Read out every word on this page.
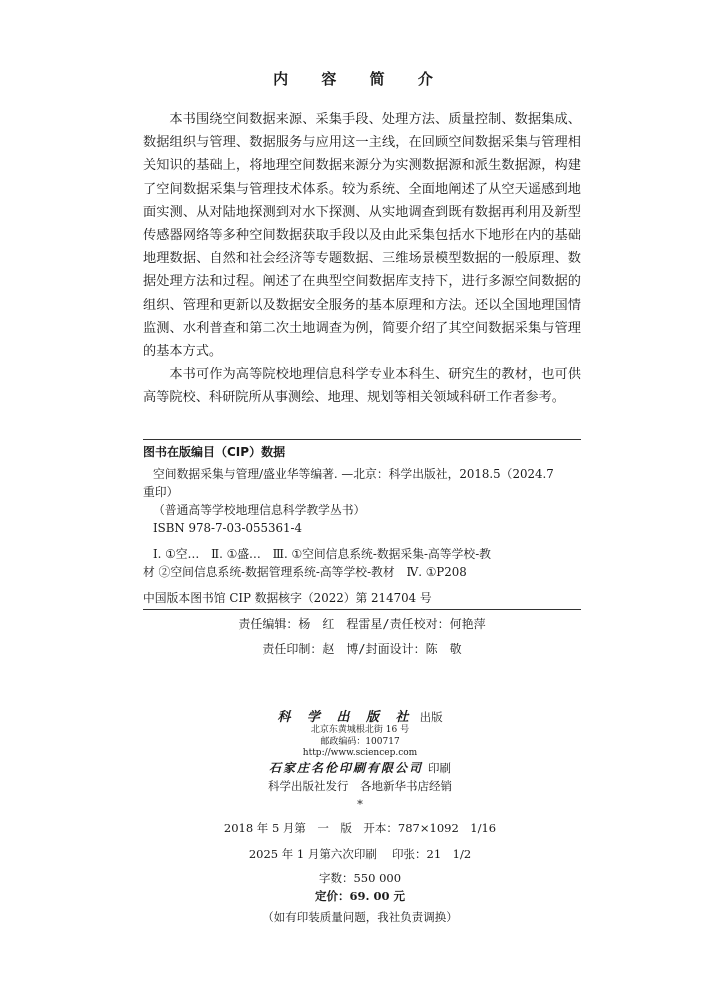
内 容 简 介

本书围绕空间数据来源、采集手段、处理方法、质量控制、数据集成、数据组织与管理、数据服务与应用这一主线，在回顾空间数据采集与管理相关知识的基础上，将地理空间数据来源分为实测数据源和派生数据源，构建了空间数据采集与管理技术体系。较为系统、全面地阐述了从空天遥感到地面实测、从对陆地探测到对水下探测、从实地调查到既有数据再利用及新型传感器网络等多种空间数据获取手段以及由此采集包括水下地形在内的基础地理数据、自然和社会经济等专题数据、三维场景模型数据的一般原理、数据处理方法和过程。阐述了在典型空间数据库支持下，进行多源空间数据的组织、管理和更新以及数据安全服务的基本原理和方法。还以全国地理国情监测、水利普查和第二次土地调查为例，简要介绍了其空间数据采集与管理的基本方式。

本书可作为高等院校地理信息科学专业本科生、研究生的教材，也可供高等院校、科研院所从事测绘、地理、规划等相关领域科研工作者参考。

图书在版编目（CIP）数据
空间数据采集与管理/盛业华等编著. —北京：科学出版社，2018.5（2024.7
重印）
（普通高等学校地理信息科学教学丛书）
ISBN 978-7-03-055361-4
Ⅰ. ①空…　Ⅱ. ①盛…　Ⅲ. ①空间信息系统-数据采集-高等学校-教
材 ②空间信息系统-数据管理系统-高等学校-教材　Ⅳ. ①P208
中国版本图书馆 CIP 数据核字（2022）第 214704 号
责任编辑：杨　红　程雷星/责任校对：何艳萍
责任印制：赵　博/封面设计：陈　敬
科 学 出 版 社 出版
北京东黄城根北街 16 号
邮政编码：100717
http://www.sciencep.com
石家庄名伦印刷有限公司 印刷
科学出版社发行　各地新华书店经销
*
2018 年 5 月第　一　版　开本：787×1092　1/16
2025 年 1 月第六次印刷　 印张：21　1/2
字数：550 000
定价：69. 00 元
（如有印装质量问题，我社负责调换）
